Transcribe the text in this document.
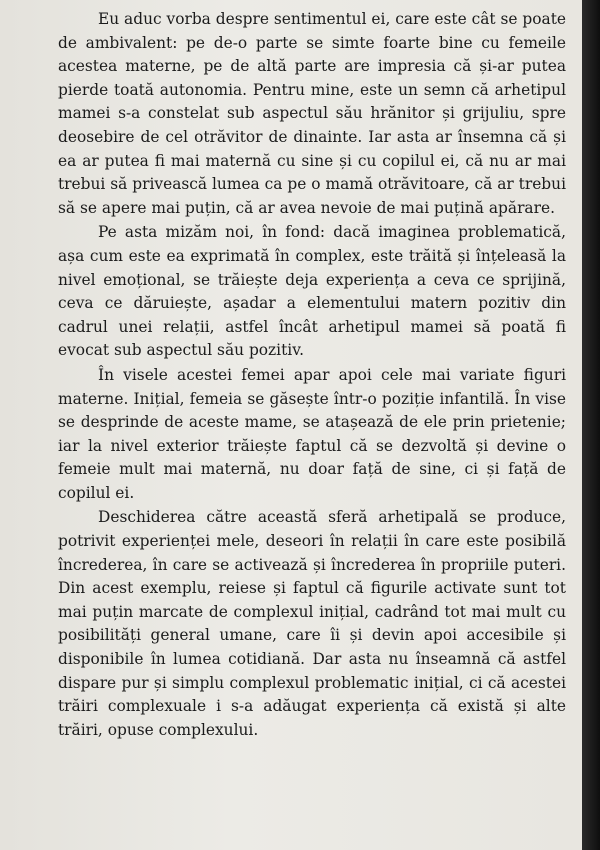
Eu aduc vorba despre sentimentul ei, care este cât se poate de ambivalent: pe de-o parte se simte foarte bine cu femeile acestea materne, pe de altă parte are impresia că și-ar putea pierde toată autonomia. Pentru mine, este un semn că arhetipul mamei s-a constelat sub aspectul său hrănitor și grijuliu, spre deosebire de cel otrăvitor de dinainte. Iar asta ar însemna că și ea ar putea fi mai maternă cu sine și cu copilul ei, că nu ar mai trebui să privească lumea ca pe o mamă otrăvitoare, că ar trebui să se apere mai puțin, că ar avea nevoie de mai puțină apărare.

Pe asta mizăm noi, în fond: dacă imaginea problematică, așa cum este ea exprimată în complex, este trăită și înțeleasă la nivel emoțional, se trăiește deja experiența a ceva ce sprijină, ceva ce dăruiește, așadar a elementului matern pozitiv din cadrul unei relații, astfel încât arhetipul mamei să poată fi evocat sub aspectul său pozitiv.

În visele acestei femei apar apoi cele mai variate figuri materne. Inițial, femeia se găsește într-o poziție infantilă. În vise se desprinde de aceste mame, se atașează de ele prin prietenie; iar la nivel exterior trăiește faptul că se dezvoltă și devine o femeie mult mai maternă, nu doar față de sine, ci și față de copilul ei.

Deschiderea către această sferă arhetipală se produce, potrivit experienței mele, deseori în relații în care este posibilă încrederea, în care se activează și încrederea în propriile puteri. Din acest exemplu, reiese și faptul că figurile activate sunt tot mai puțin marcate de complexul inițial, cadrând tot mai mult cu posibilități general umane, care îi și devin apoi accesibile și disponibile în lumea cotidiană. Dar asta nu înseamnă că astfel dispare pur și simplu complexul problematic inițial, ci că acestei trăiri complexuale i s-a adăugat experiența că există și alte trăiri, opuse complexului.
